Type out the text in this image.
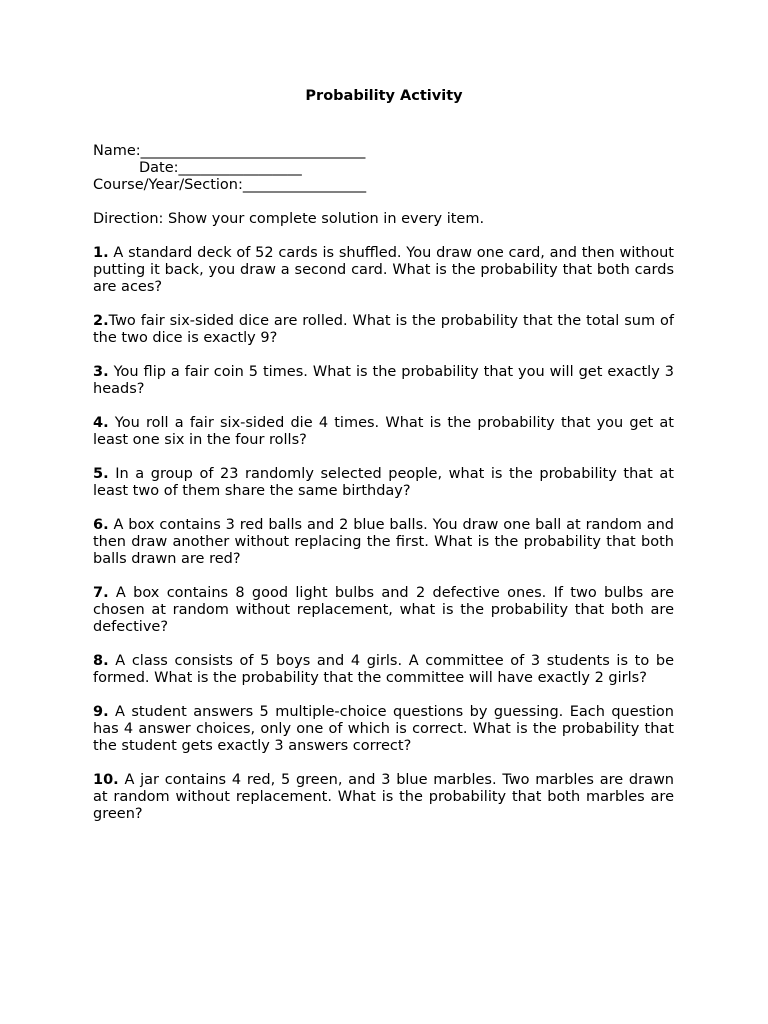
Probability Activity
Name:_______________________________
Date:_________________
Course/Year/Section:_________________
Direction: Show your complete solution in every item.
1. A standard deck of 52 cards is shuffled. You draw one card, and then without putting it back, you draw a second card. What is the probability that both cards are aces?
2.Two fair six-sided dice are rolled. What is the probability that the total sum of the two dice is exactly 9?
3. You flip a fair coin 5 times. What is the probability that you will get exactly 3 heads?
4. You roll a fair six-sided die 4 times. What is the probability that you get at least one six in the four rolls?
5. In a group of 23 randomly selected people, what is the probability that at least two of them share the same birthday?
6. A box contains 3 red balls and 2 blue balls. You draw one ball at random and then draw another without replacing the first. What is the probability that both balls drawn are red?
7. A box contains 8 good light bulbs and 2 defective ones. If two bulbs are chosen at random without replacement, what is the probability that both are defective?
8. A class consists of 5 boys and 4 girls. A committee of 3 students is to be formed. What is the probability that the committee will have exactly 2 girls?
9. A student answers 5 multiple-choice questions by guessing. Each question has 4 answer choices, only one of which is correct. What is the probability that the student gets exactly 3 answers correct?
10. A jar contains 4 red, 5 green, and 3 blue marbles. Two marbles are drawn at random without replacement. What is the probability that both marbles are green?
